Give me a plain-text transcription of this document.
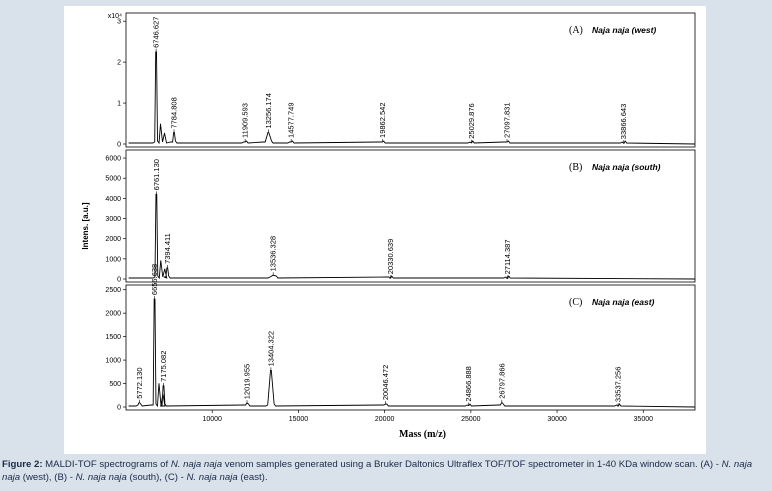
0
1
2
3
x10⁴
6746.627
7784.808	11909.593 13256.174 14577.749	19862.542	25029.876	27097.831	33866.643
(A) Naja naja (west)
0
1000
2000
3000
4000
5000
6000	6761.130
7394.411	13536.328	20330.639	27114.387
(B) Naja naja (south)
0
500
1000
1500
2000
2500
5772.130
6656.638
7175.082	12019.955
13404.322
20046.472	24866.888	26797.866	33537.256
(C) Naja naja (east)
10000	15000	20000	25000	30000	35000
Mass (m/z)
Intens. [a.u.]
Figure 2: MALDI-TOF spectrograms of N. naja naja venom samples generated using a Bruker Daltonics Ultraflex TOF/TOF spectrometer in 1-40 KDa window scan. (A) - N. naja naja (west), (B) - N. naja naja (south), (C) - N. naja naja (east).
